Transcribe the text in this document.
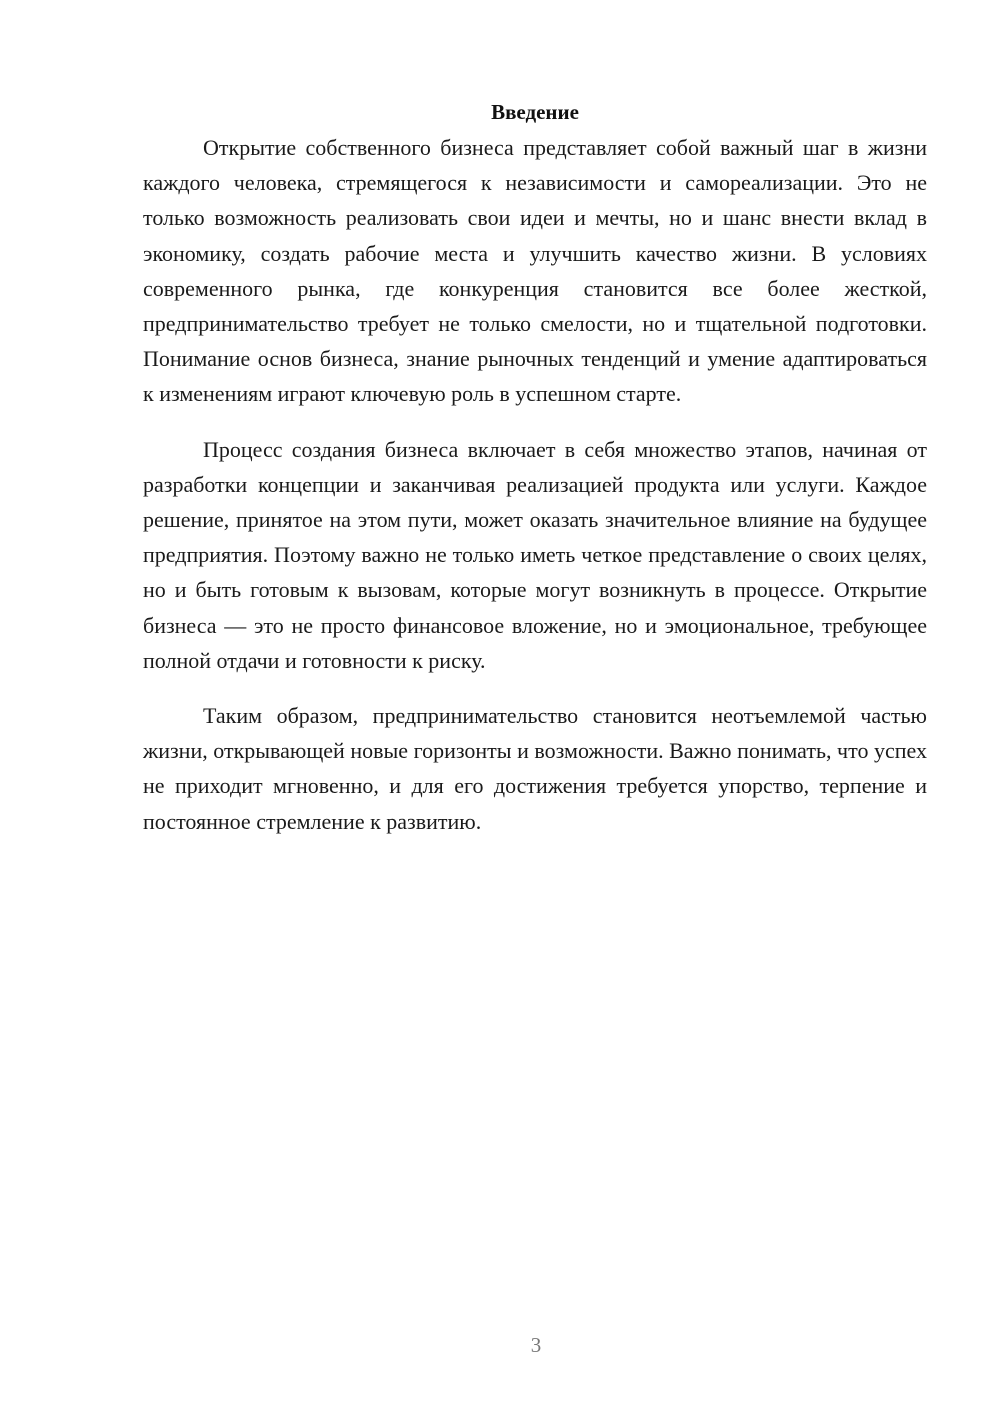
Введение

Открытие собственного бизнеса представляет собой важный шаг в жизни каждого человека, стремящегося к независимости и самореализации. Это не только возможность реализовать свои идеи и мечты, но и шанс внести вклад в экономику, создать рабочие места и улучшить качество жизни. В условиях современного рынка, где конкуренция становится все более жесткой, предпринимательство требует не только смелости, но и тщательной подготовки. Понимание основ бизнеса, знание рыночных тенденций и умение адаптироваться к изменениям играют ключевую роль в успешном старте.

Процесс создания бизнеса включает в себя множество этапов, начиная от разработки концепции и заканчивая реализацией продукта или услуги. Каждое решение, принятое на этом пути, может оказать значительное влияние на будущее предприятия. Поэтому важно не только иметь четкое представление о своих целях, но и быть готовым к вызовам, которые могут возникнуть в процессе. Открытие бизнеса — это не просто финансовое вложение, но и эмоциональное, требующее полной отдачи и готовности к риску.

Таким образом, предпринимательство становится неотъемлемой частью жизни, открывающей новые горизонты и возможности. Важно понимать, что успех не приходит мгновенно, и для его достижения требуется упорство, терпение и постоянное стремление к развитию.

3
